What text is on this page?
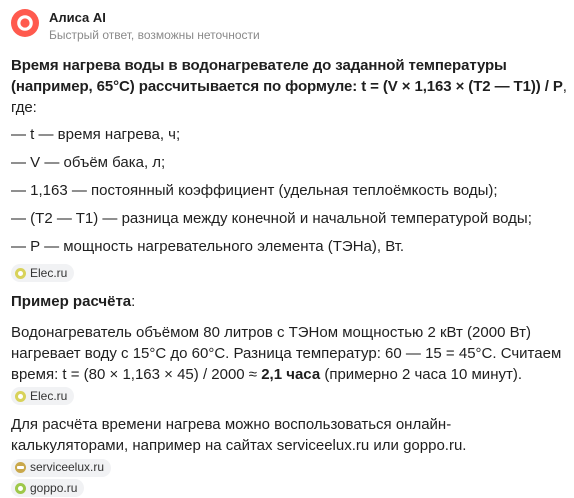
Алиса AI
Быстрый ответ, возможны неточности
Время нагрева воды в водонагревателе до заданной температуры (например, 65°C) рассчитывается по формуле: t = (V × 1,163 × (T2 — T1)) / P, где:
— t — время нагрева, ч;
— V — объём бака, л;
— 1,163 — постоянный коэффициент (удельная теплоёмкость воды);
— (T2 — T1) — разница между конечной и начальной температурой воды;
— P — мощность нагревательного элемента (ТЭНа), Вт.
Elec.ru
Пример расчёта:
Водонагреватель объёмом 80 литров с ТЭНом мощностью 2 кВт (2000 Вт) нагревает воду с 15°C до 60°C. Разница температур: 60 — 15 = 45°C. Считаем время: t = (80 × 1,163 × 45) / 2000 ≈ 2,1 часа (примерно 2 часа 10 минут).
Elec.ru
Для расчёта времени нагрева можно воспользоваться онлайн-калькуляторами, например на сайтах serviceelux.ru или goppo.ru.
serviceelux.ru
goppo.ru
